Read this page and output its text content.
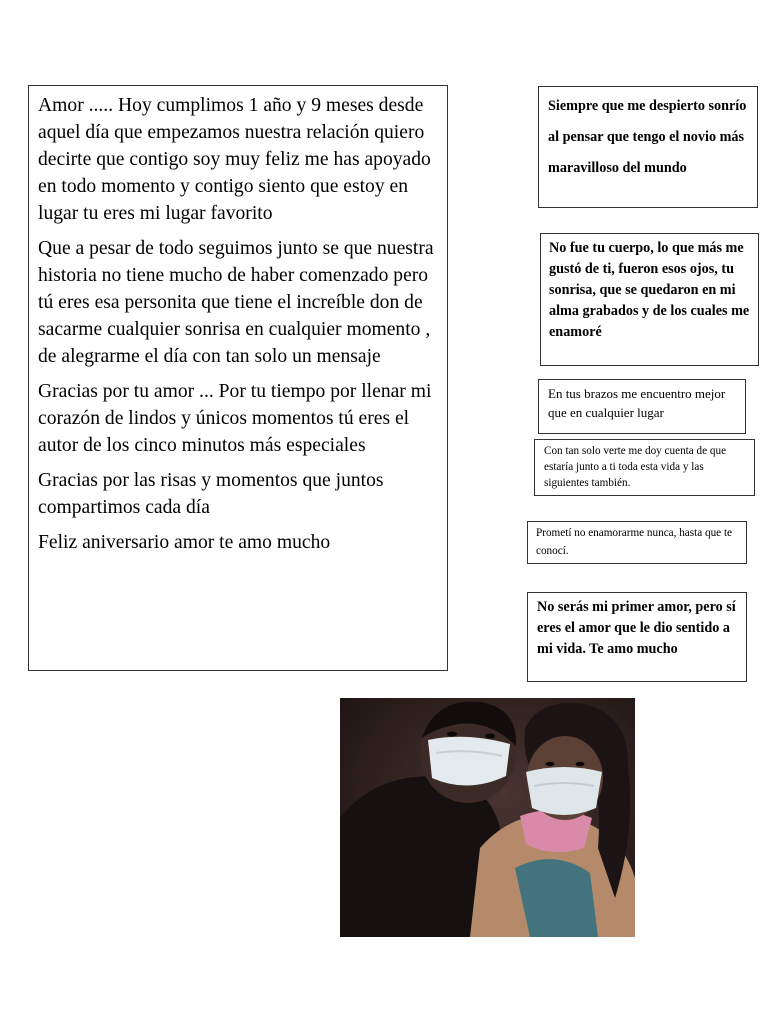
Amor ..... Hoy cumplimos 1 año y 9 meses desde aquel día que empezamos nuestra relación quiero decirte que contigo soy muy feliz me has apoyado en todo momento y contigo siento que estoy en lugar tu eres mi lugar favorito

Que a pesar de todo seguimos junto se que nuestra historia no tiene mucho de haber comenzado pero tú eres esa personita que tiene el increíble don de sacarme cualquier sonrisa en cualquier momento , de alegrarme el día con tan solo un mensaje

Gracias por tu amor ... Por tu tiempo por llenar mi corazón de lindos y únicos momentos tú eres el autor de los cinco minutos más especiales

Gracias por las risas y momentos que juntos compartimos cada día

Feliz aniversario amor te amo mucho

Siempre que me despierto sonrío al pensar que tengo el novio más maravilloso del mundo

No fue tu cuerpo, lo que más me gustó de ti, fueron esos ojos, tu sonrisa, que se quedaron en mi alma grabados y de los cuales me enamoré

En tus brazos me encuentro mejor que en cualquier lugar

Con tan solo verte me doy cuenta de que estaría junto a ti toda esta vida y las siguientes también.

Prometí no enamorarme nunca, hasta que te conocí.

No serás mi primer amor, pero sí eres el amor que le dio sentido a mi vida. Te amo mucho
